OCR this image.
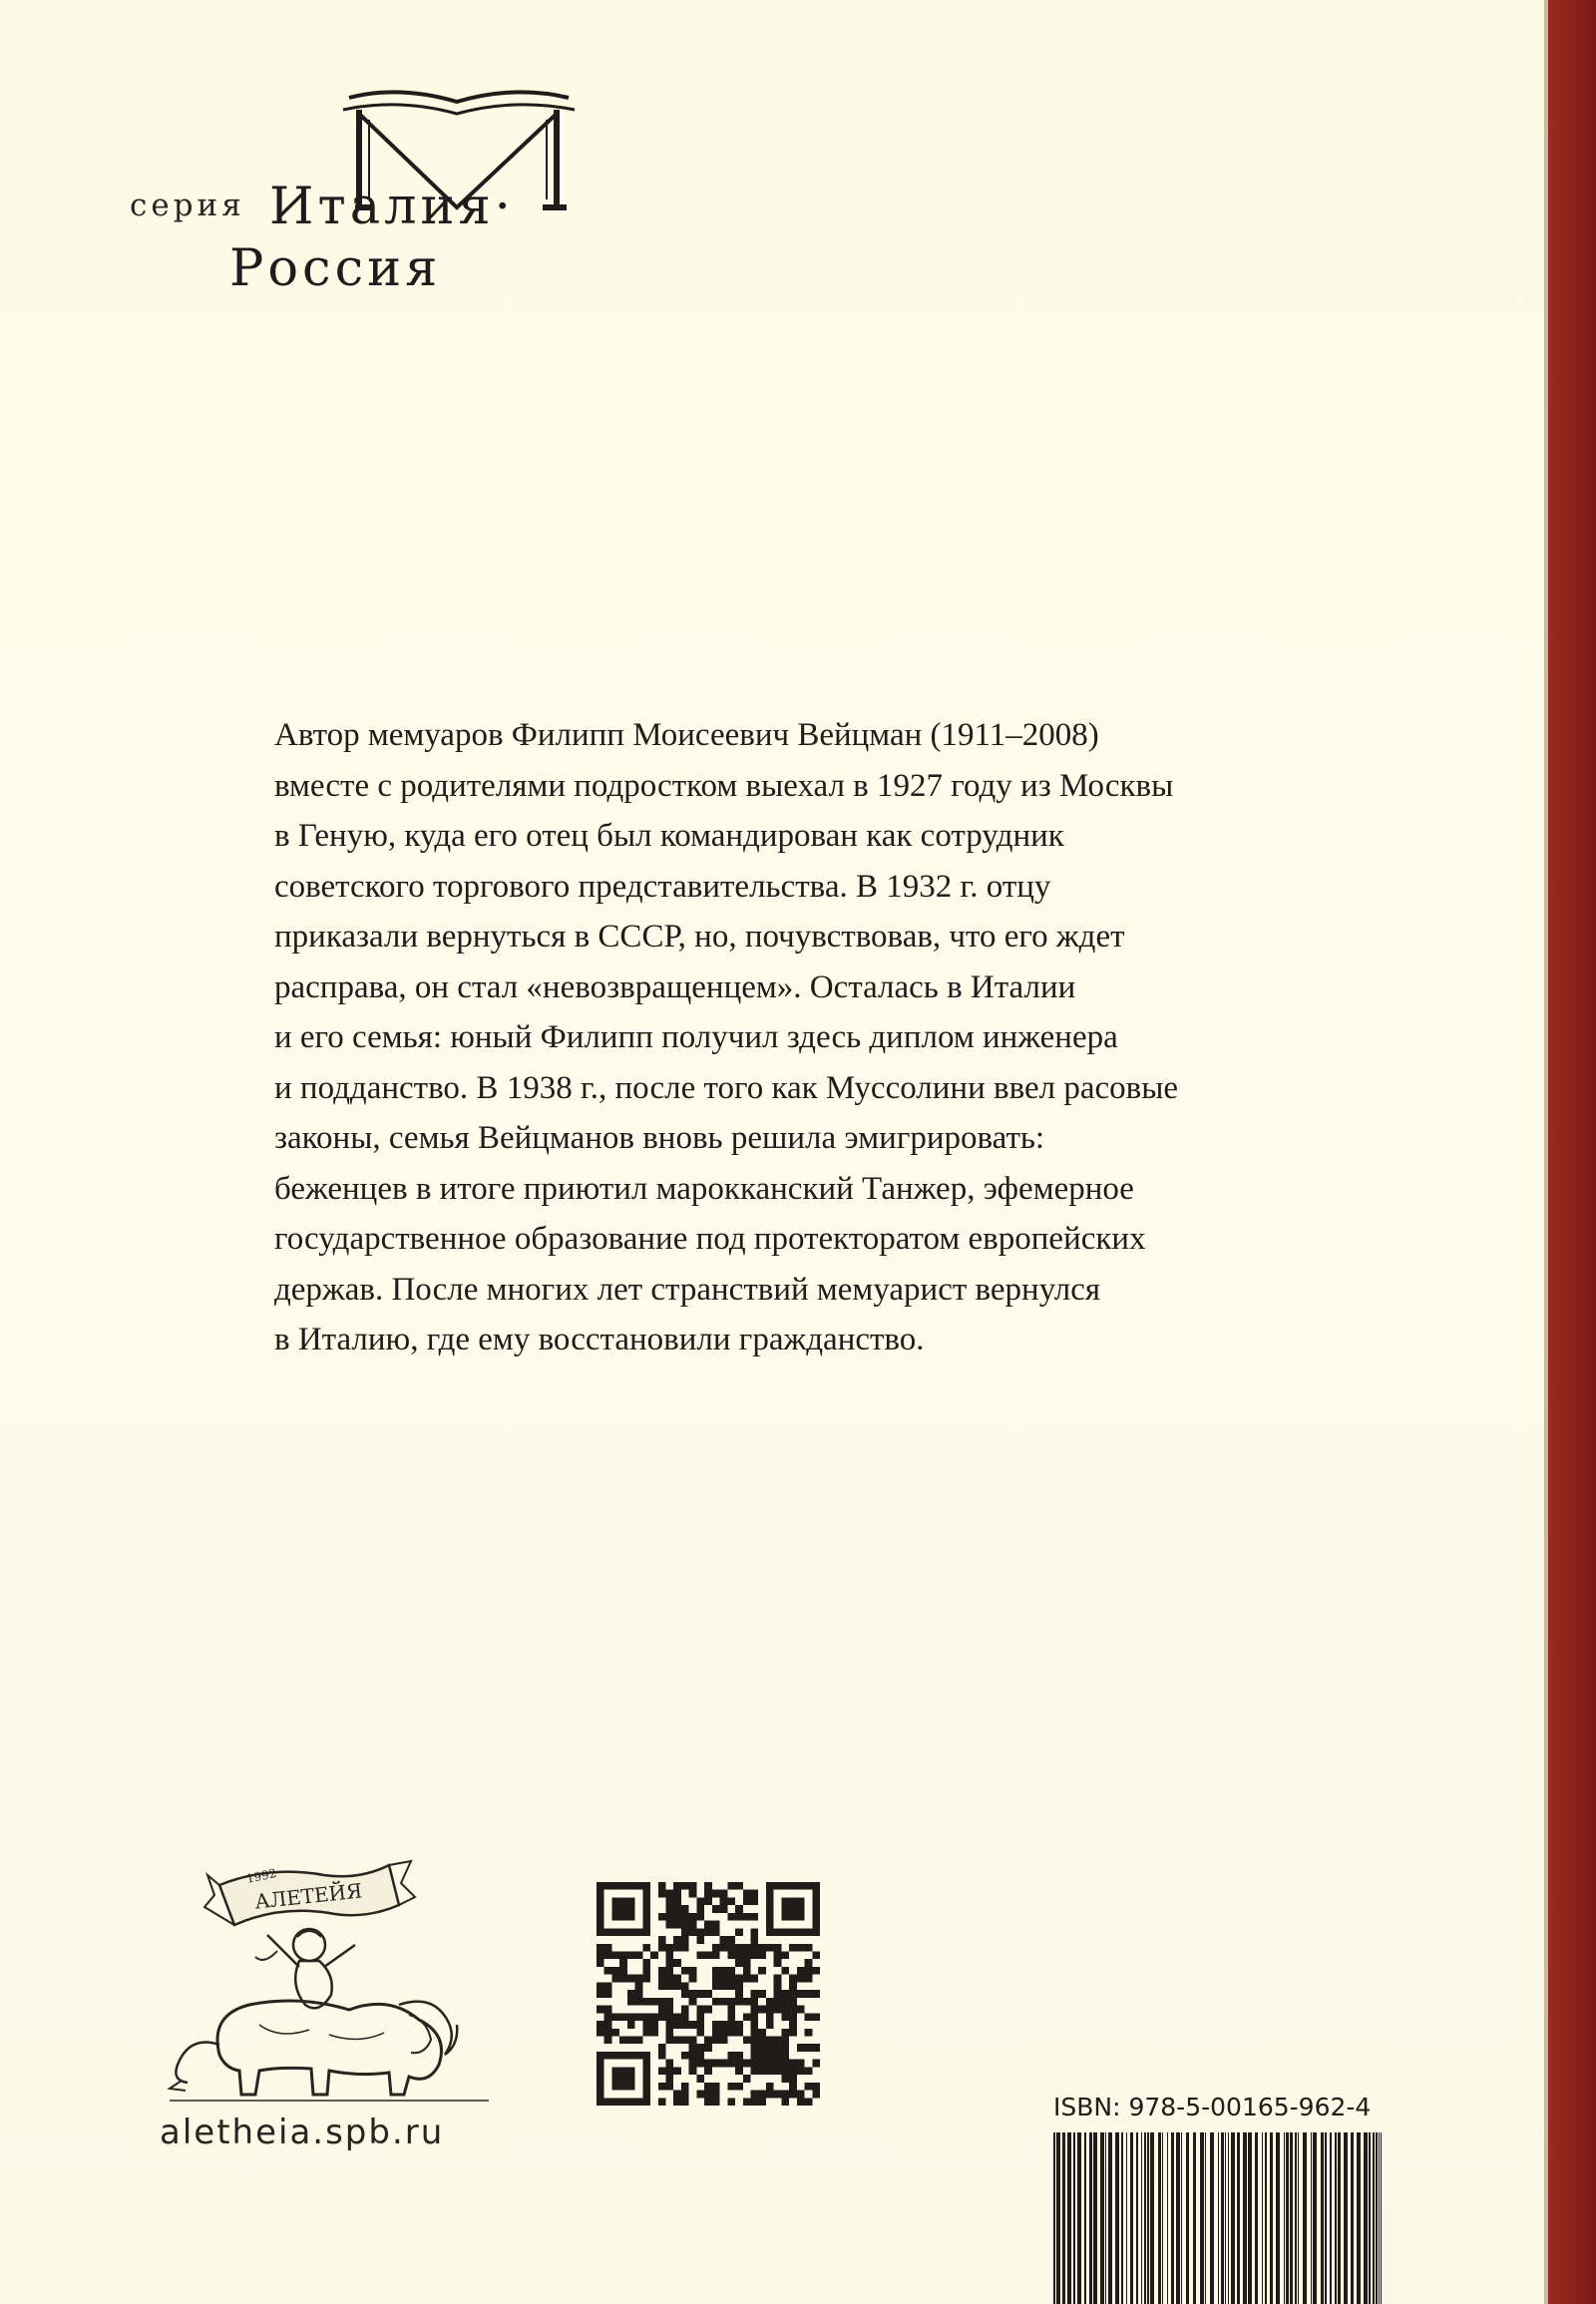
серия Италия·
Россия
Автор мемуаров Филипп Моисеевич Вейцман (1911–2008)
вместе с родителями подростком выехал в 1927 году из Москвы
в Геную, куда его отец был командирован как сотрудник
советского торгового представительства. В 1932 г. отцу
приказали вернуться в СССР, но, почувствовав, что его ждет
расправа, он стал «невозвращенцем». Осталась в Италии
и его семья: юный Филипп получил здесь диплом инженера
и подданство. В 1938 г., после того как Муссолини ввел расовые
законы, семья Вейцманов вновь решила эмигрировать:
беженцев в итоге приютил марокканский Танжер, эфемерное
государственное образование под протекторатом европейских
держав. После многих лет странствий мемуарист вернулся
в Италию, где ему восстановили гражданство.
АЛЕТЕЙЯ
1992
aletheia.spb.ru
ISBN: 978-5-00165-962-4
